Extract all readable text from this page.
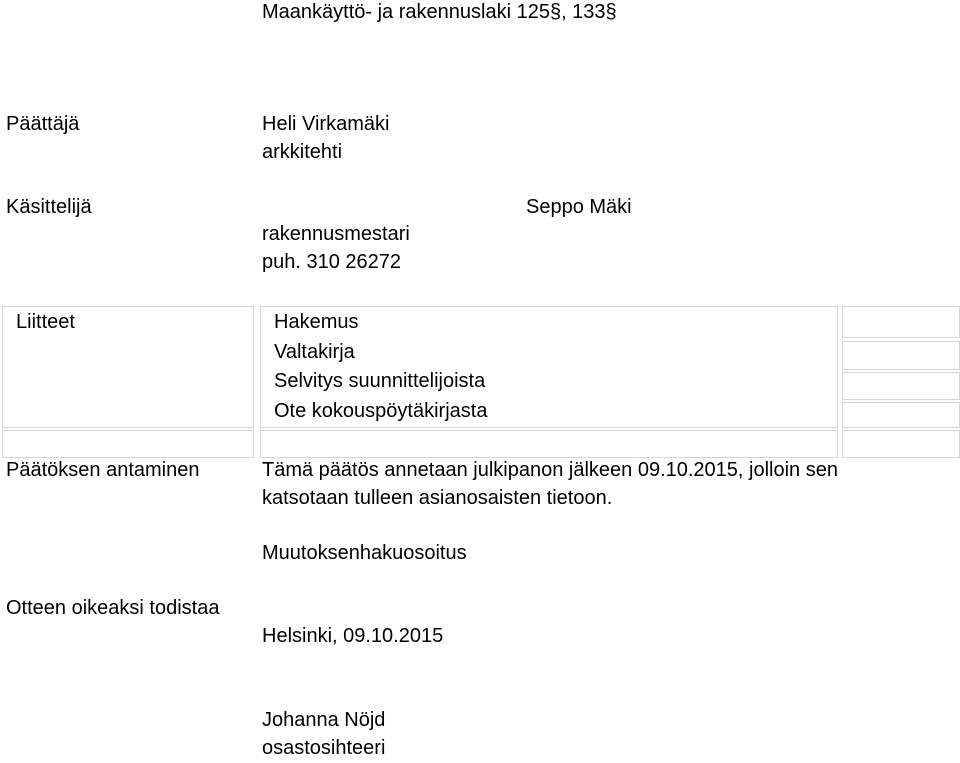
Maankäyttö- ja rakennuslaki 125§, 133§
Päättäjä	Heli Virkamäki
arkkitehti
Käsittelijä	Seppo Mäki
rakennusmestari
puh. 310 26272
Liitteet	Hakemus
Valtakirja
Selvitys suunnittelijoista
Ote kokouspöytäkirjasta
Päätöksen antaminen	Tämä päätös annetaan julkipanon jälkeen 09.10.2015, jolloin sen
katsotaan tulleen asianosaisten tietoon.
Muutoksenhakuosoitus
Otteen oikeaksi todistaa
Helsinki, 09.10.2015
Johanna Nöjd
osastosihteeri
